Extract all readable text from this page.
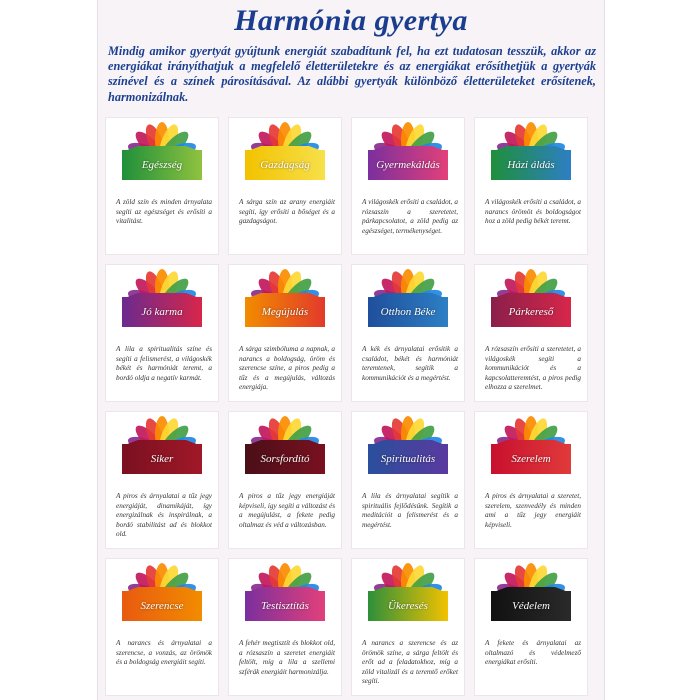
Harmónia gyertya
Mindig amikor gyertyát gyújtunk energiát szabadítunk fel, ha ezt tudatosan tesszük, akkor az energiákat irányíthatjuk a megfelelő életterületekre és az energiákat erősíthetjük a gyertyák színével és a színek párosításával. Az alábbi gyertyák különböző életterületeket erősítenek, harmonizálnak.
Egészség
A zöld szín és minden árnyalata segíti az egészséget és erősíti a vitalitást.
Gazdagság
A sárga szín az arany energiáit segíti, így erősíti a bőséget és a gazdagságot.
Gyermekáldás
A világoskék erősíti a családot, a rózsaszín a szeretetet, párkapcsolatot, a zöld pedig az egészséget, termékenységet.
Házi áldás
A világoskék erősíti a családot, a narancs örömöt és boldogságot hoz a zöld pedig békét teremt.
Jó karma
A lila a spiritualitás színe és segíti a felismerést, a világoskék békét és harmóniát teremt, a bordó oldja a negatív karmát.
Megújulás
A sárga szimbóluma a napnak, a narancs a boldogság, öröm és szerencse színe, a piros pedig a tűz és a megújulás, változás energiája.
Otthon Béke
A kék és árnyalatai erősítik a családot, békét és harmóniát teremtenek, segítik a kommunikációt és a megértést.
Párkereső
A rózsaszín erősíti a szeretetet, a világoskék segíti a kommunikációt és a kapcsolatteremtést, a piros pedig elhozza a szerelmet.
Siker
A piros és árnyalatai a tűz jegy energiáját, dinamikáját, így energizálnak és inspirálnak, a bordó stabilitást ad és blokkot old.
Sorsfordító
A piros a tűz jegy energiáját képviseli, így segíti a változást és a megújulást, a fekete pedig oltalmaz és véd a változásban.
Spiritualitás
A lila és árnyalatai segítik a spirituális fejlődésünk. Segítik a meditációt a felismerést és a megértést.
Szerelem
A piros és árnyalatai a szeretet, szerelem, szenvedély és minden ami a tűz jegy energiáit képviseli.
Szerencse
A narancs és árnyalatai a szerencse, a vonzás, az örömök és a boldogság energiáit segíti.
Testisztítás
A fehér megtisztít és blokkot old, a rózsaszín a szeretet energiáit feltölt, míg a lila a szellemi szférák energiáit harmonizálja.
Ükeresés
A narancs a szerencse és az örömök színe, a sárga feltölt és erőt ad a feladatokhoz, míg a zöld vitalizál és a teremtő erőket segíti.
Védelem
A fekete és árnyalatai az oltalmazó és védelmező energiákat erősíti.
